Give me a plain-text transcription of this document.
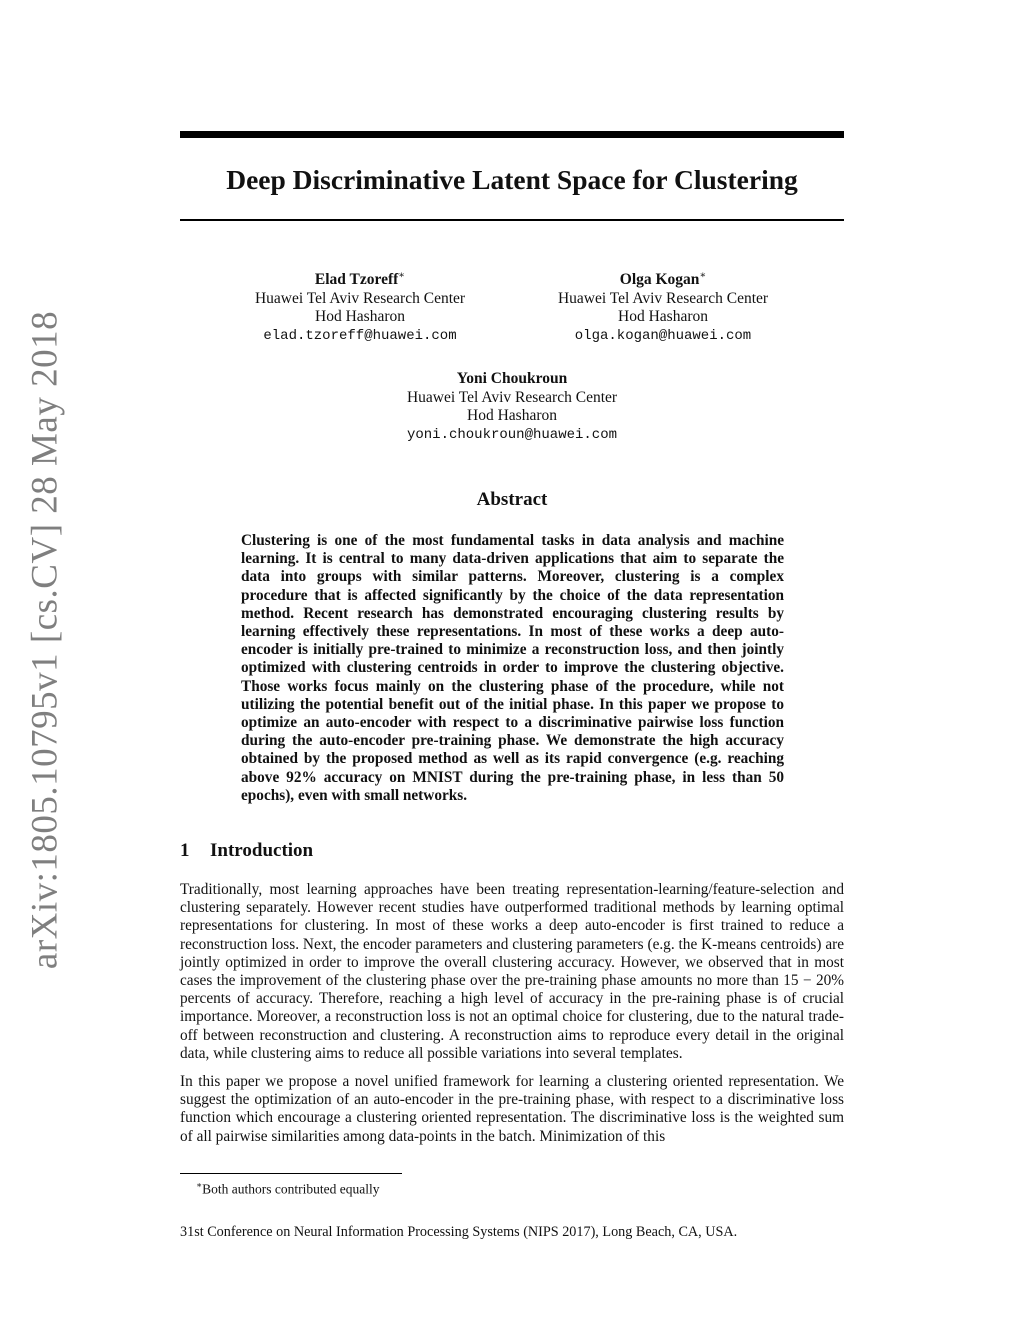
arXiv:1805.10795v1 [cs.CV] 28 May 2018
Deep Discriminative Latent Space for Clustering
Elad Tzoreff∗
Huawei Tel Aviv Research Center
Hod Hasharon
elad.tzoreff@huawei.com
Olga Kogan∗
Huawei Tel Aviv Research Center
Hod Hasharon
olga.kogan@huawei.com
Yoni Choukroun
Huawei Tel Aviv Research Center
Hod Hasharon
yoni.choukroun@huawei.com
Abstract
Clustering is one of the most fundamental tasks in data analysis and machine learning. It is central to many data-driven applications that aim to separate the data into groups with similar patterns. Moreover, clustering is a complex procedure that is affected significantly by the choice of the data representation method. Recent research has demonstrated encouraging clustering results by learning effectively these representations. In most of these works a deep auto-encoder is initially pre-trained to minimize a reconstruction loss, and then jointly optimized with clustering centroids in order to improve the clustering objective. Those works focus mainly on the clustering phase of the procedure, while not utilizing the potential benefit out of the initial phase. In this paper we propose to optimize an auto-encoder with respect to a discriminative pairwise loss function during the auto-encoder pre-training phase. We demonstrate the high accuracy obtained by the proposed method as well as its rapid convergence (e.g. reaching above 92% accuracy on MNIST during the pre-training phase, in less than 50 epochs), even with small networks.
1 Introduction

Traditionally, most learning approaches have been treating representation-learning/feature-selection and clustering separately. However recent studies have outperformed traditional methods by learning optimal representations for clustering. In most of these works a deep auto-encoder is first trained to reduce a reconstruction loss. Next, the encoder parameters and clustering parameters (e.g. the K-means centroids) are jointly optimized in order to improve the overall clustering accuracy. However, we observed that in most cases the improvement of the clustering phase over the pre-training phase amounts no more than 15 − 20% percents of accuracy. Therefore, reaching a high level of accuracy in the pre-raining phase is of crucial importance. Moreover, a reconstruction loss is not an optimal choice for clustering, due to the natural trade-off between reconstruction and clustering. A reconstruction aims to reproduce every detail in the original data, while clustering aims to reduce all possible variations into several templates.

In this paper we propose a novel unified framework for learning a clustering oriented representation. We suggest the optimization of an auto-encoder in the pre-training phase, with respect to a discriminative loss function which encourage a clustering oriented representation. The discriminative loss is the weighted sum of all pairwise similarities among data-points in the batch. Minimization of this

∗Both authors contributed equally
31st Conference on Neural Information Processing Systems (NIPS 2017), Long Beach, CA, USA.
